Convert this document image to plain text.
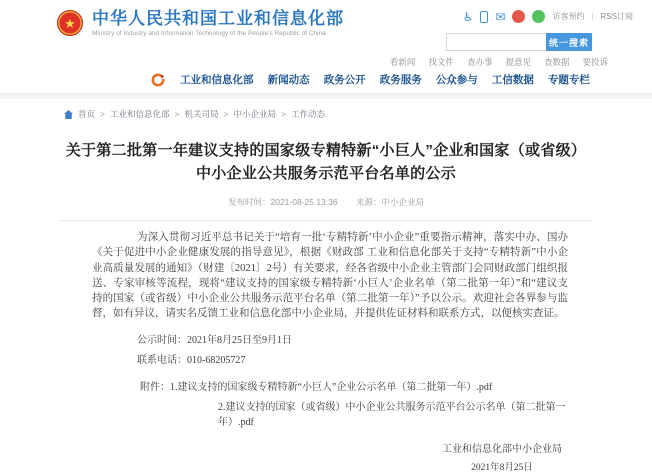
★ 中华人民共和国工业和信息化部
Ministry of Industry and Information Technology of the People's Republic of China
♿ ✉	访客预约 | RSS订阅
统一搜索
看新闻 找文件 查办事 提意见 查数据 要投诉
工业和信息化部 新闻动态 政务公开 政务服务 公众参与 工信数据 专题专栏
首页 > 工业和信息化部 > 机关司局 > 中小企业局 > 工作动态
关于第二批第一年建议支持的国家级专精特新“小巨人”企业和国家（或省级）中小企业公共服务示范平台名单的公示
发布时间：2021-08-25 13:36 来源：中小企业局
为深入贯彻习近平总书记关于“培育一批‘专精特新’中小企业”重要指示精神，落实中办、国办《关于促进中小企业健康发展的指导意见》，根据《财政部 工业和信息化部关于支持“专精特新”中小企业高质量发展的通知》（财建〔2021〕2号）有关要求，经各省级中小企业主管部门会同财政部门组织报送、专家审核等流程，现将“建议支持的国家级专精特新‘小巨人’企业名单（第二批第一年）”和“建议支持的国家（或省级）中小企业公共服务示范平台名单（第二批第一年）”予以公示。欢迎社会各界参与监督，如有异议，请实名反馈工业和信息化部中小企业局，并提供佐证材料和联系方式，以便核实查证。
公示时间：2021年8月25日至9月1日
联系电话：010-68205727
附件：1.建议支持的国家级专精特新“小巨人”企业公示名单（第二批第一年）.pdf
2.建议支持的国家（或省级）中小企业公共服务示范平台公示名单（第二批第一年）.pdf
工业和信息化部中小企业局
2021年8月25日
